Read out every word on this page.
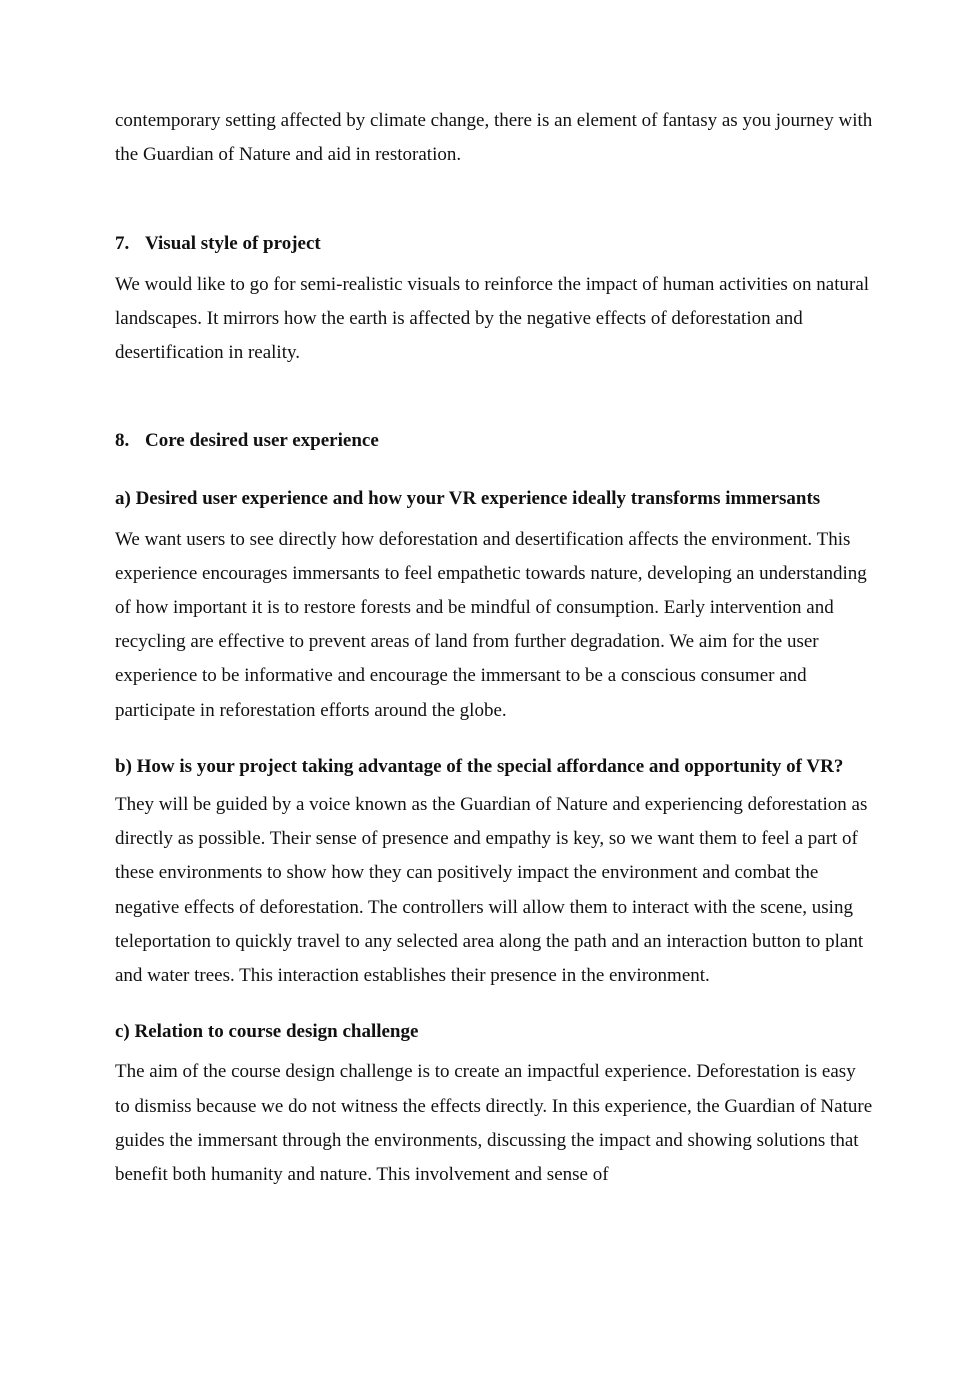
contemporary setting affected by climate change, there is an element of fantasy as you journey with the Guardian of Nature and aid in restoration.

7. Visual style of project

We would like to go for semi-realistic visuals to reinforce the impact of human activities on natural landscapes. It mirrors how the earth is affected by the negative effects of deforestation and desertification in reality.

8. Core desired user experience
a) Desired user experience and how your VR experience ideally transforms immersants

We want users to see directly how deforestation and desertification affects the environment. This experience encourages immersants to feel empathetic towards nature, developing an understanding of how important it is to restore forests and be mindful of consumption. Early intervention and recycling are effective to prevent areas of land from further degradation. We aim for the user experience to be informative and encourage the immersant to be a conscious consumer and participate in reforestation efforts around the globe.

b) How is your project taking advantage of the special affordance and opportunity of VR?

They will be guided by a voice known as the Guardian of Nature and experiencing deforestation as directly as possible. Their sense of presence and empathy is key, so we want them to feel a part of these environments to show how they can positively impact the environment and combat the negative effects of deforestation. The controllers will allow them to interact with the scene, using teleportation to quickly travel to any selected area along the path and an interaction button to plant and water trees. This interaction establishes their presence in the environment.

c) Relation to course design challenge

The aim of the course design challenge is to create an impactful experience. Deforestation is easy to dismiss because we do not witness the effects directly. In this experience, the Guardian of Nature guides the immersant through the environments, discussing the impact and showing solutions that benefit both humanity and nature. This involvement and sense of
